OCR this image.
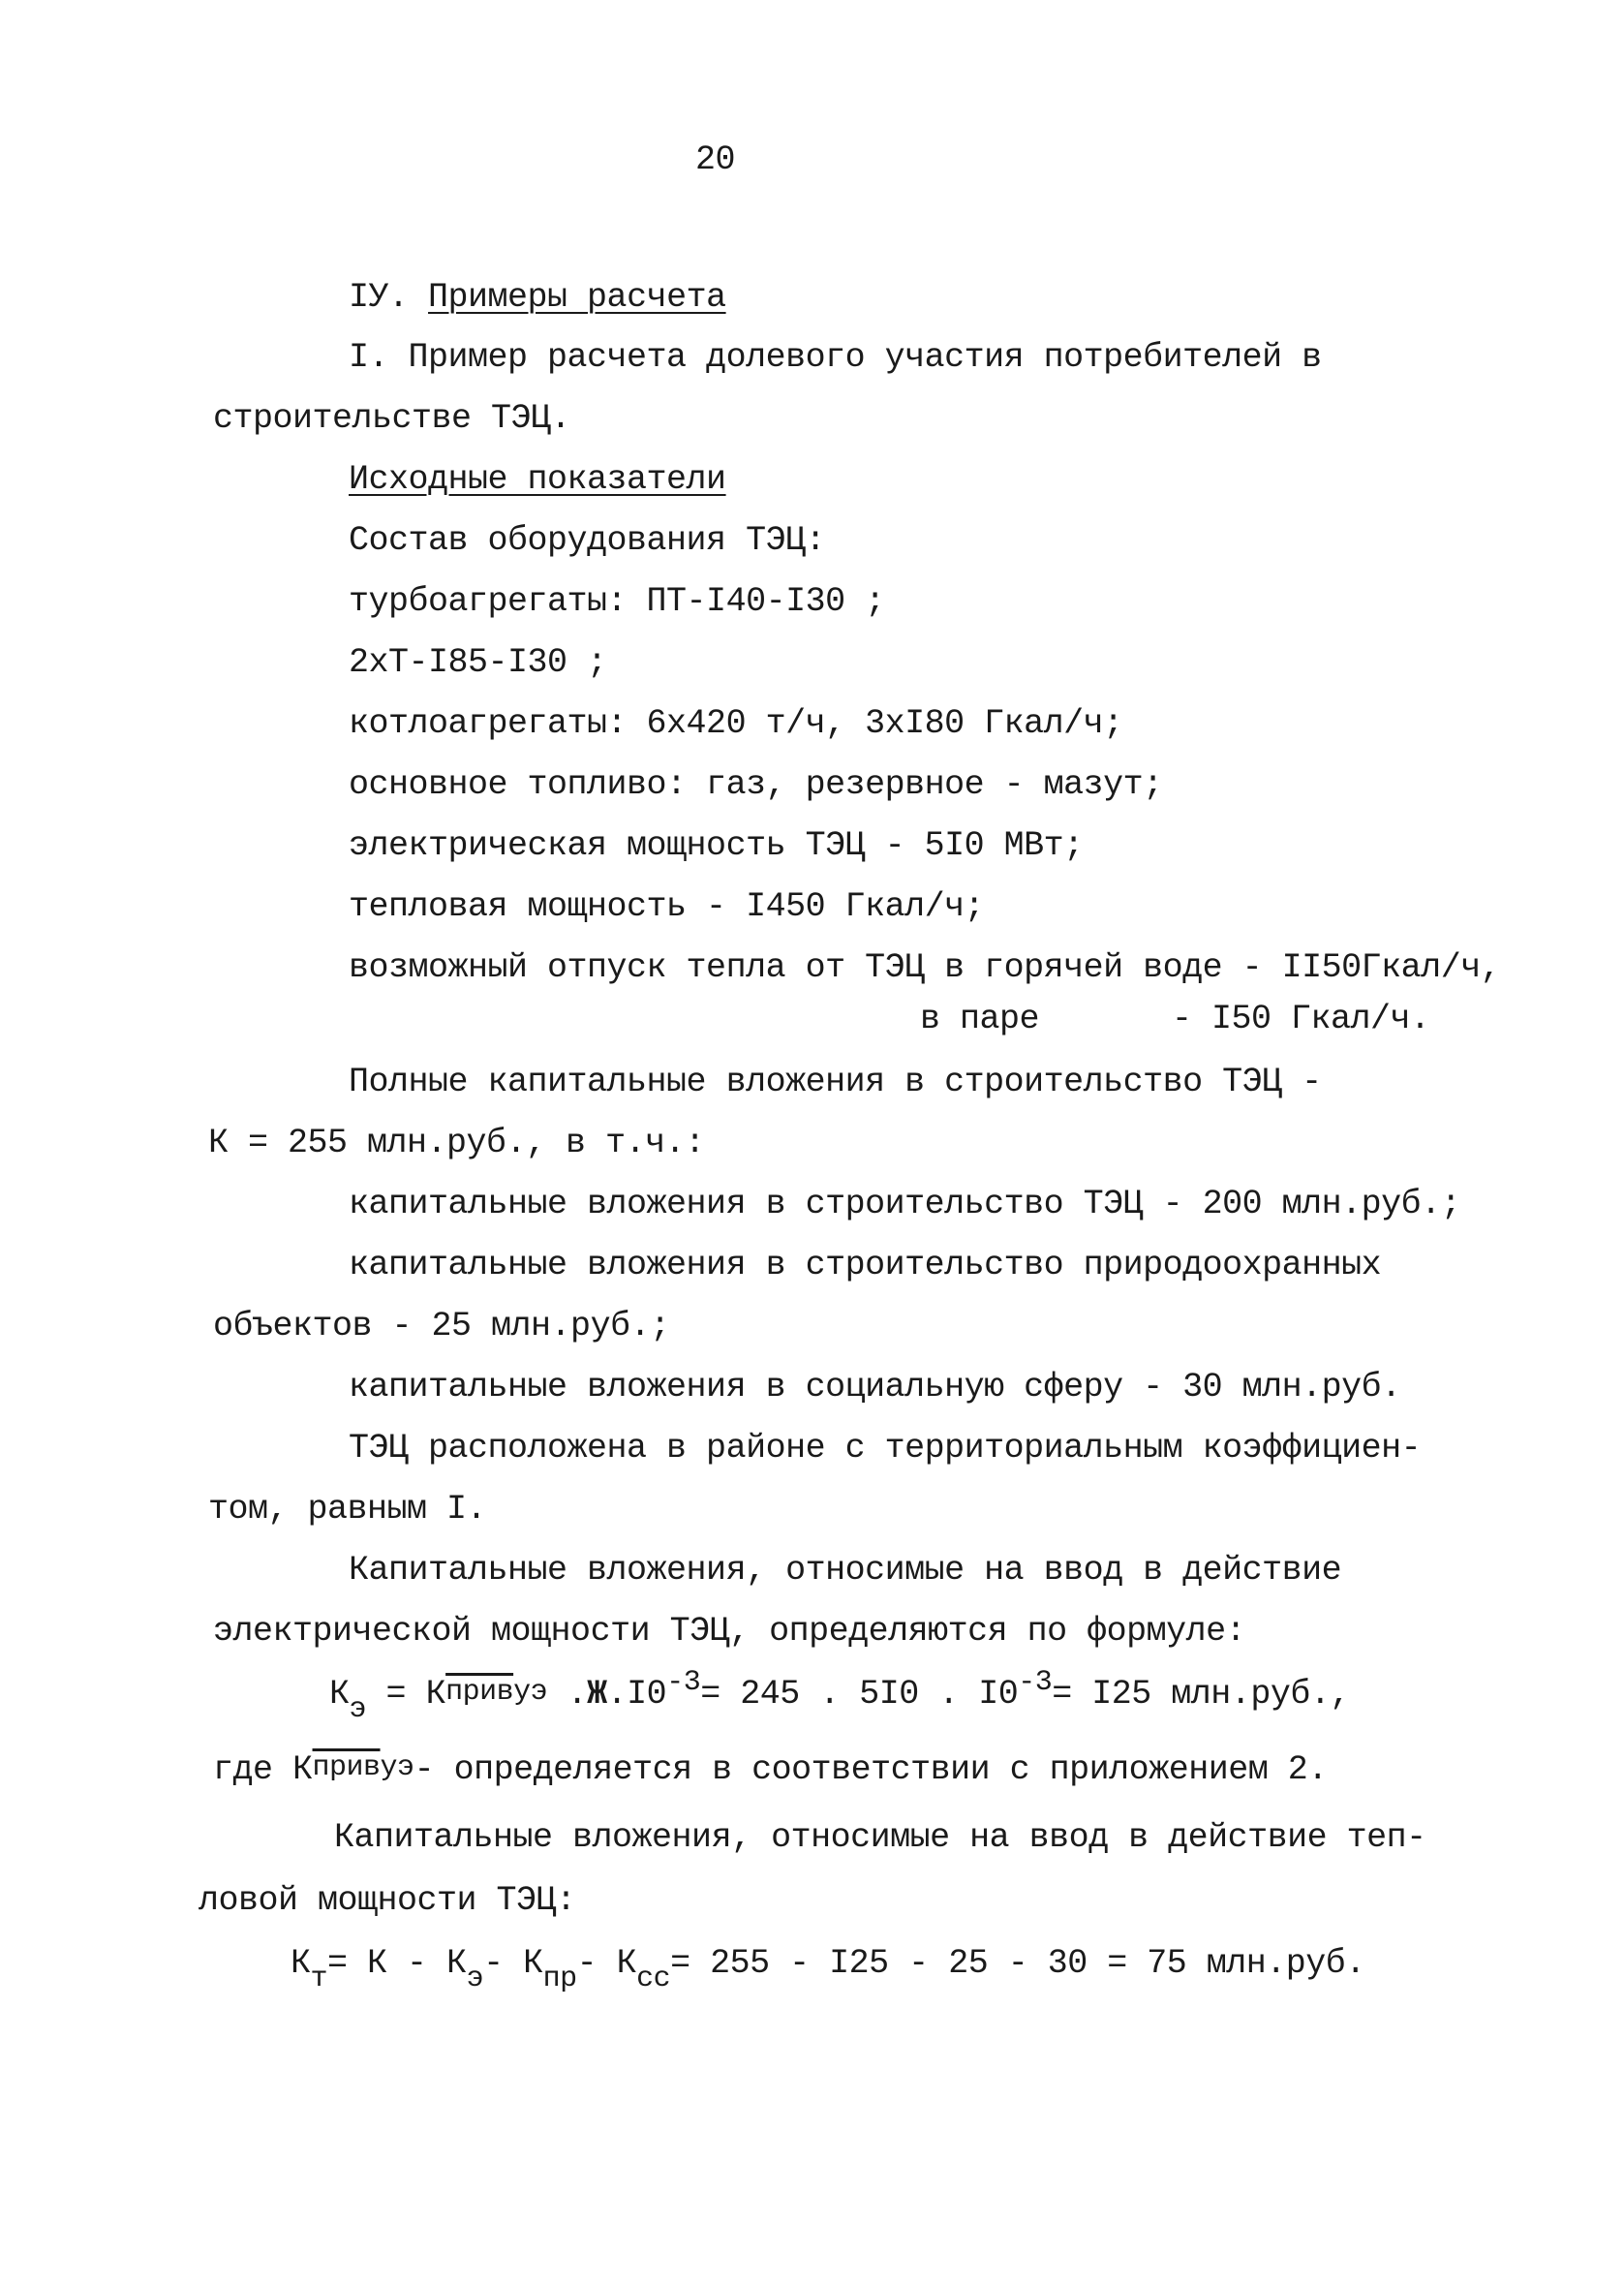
20
IУ. Примеры расчета
I. Пример расчета долевого участия потребителей в
строительстве ТЭЦ.
Исходные показатели
Состав оборудования ТЭЦ:
турбоагрегаты: ПТ-I40-I30 ;
2хТ-I85-I30 ;
котлоагрегаты: 6х420 т/ч, 3хI80 Гкал/ч;
основное топливо: газ, резервное - мазут;
электрическая мощность ТЭЦ - 5I0 МВт;
тепловая мощность - I450 Гкал/ч;
возможный отпуск тепла от ТЭЦ в горячей воде - II50Гкал/ч,
в паре	- I50 Гкал/ч.
Полные капитальные вложения в строительство ТЭЦ -
К = 255 млн.руб., в т.ч.:
капитальные вложения в строительство ТЭЦ - 200 млн.руб.;
капитальные вложения в строительство природоохранных
объектов - 25 млн.руб.;
капитальные вложения в социальную сферу - 30 млн.руб.
ТЭЦ расположена в районе с территориальным коэффициен-
том, равным I.
Капитальные вложения, относимые на ввод в действие
электрической мощности ТЭЦ, определяются по формуле:
Кэ = Кпривуэ .Ж.I0-3= 245 . 5I0 . I0-3= I25 млн.руб.,
где Кпривуэ- определяется в соответствии с приложением 2.
Капитальные вложения, относимые на ввод в действие теп-
ловой мощности ТЭЦ:
Кт= К - Кэ- Кпр- Ксс= 255 - I25 - 25 - 30 = 75 млн.руб.
